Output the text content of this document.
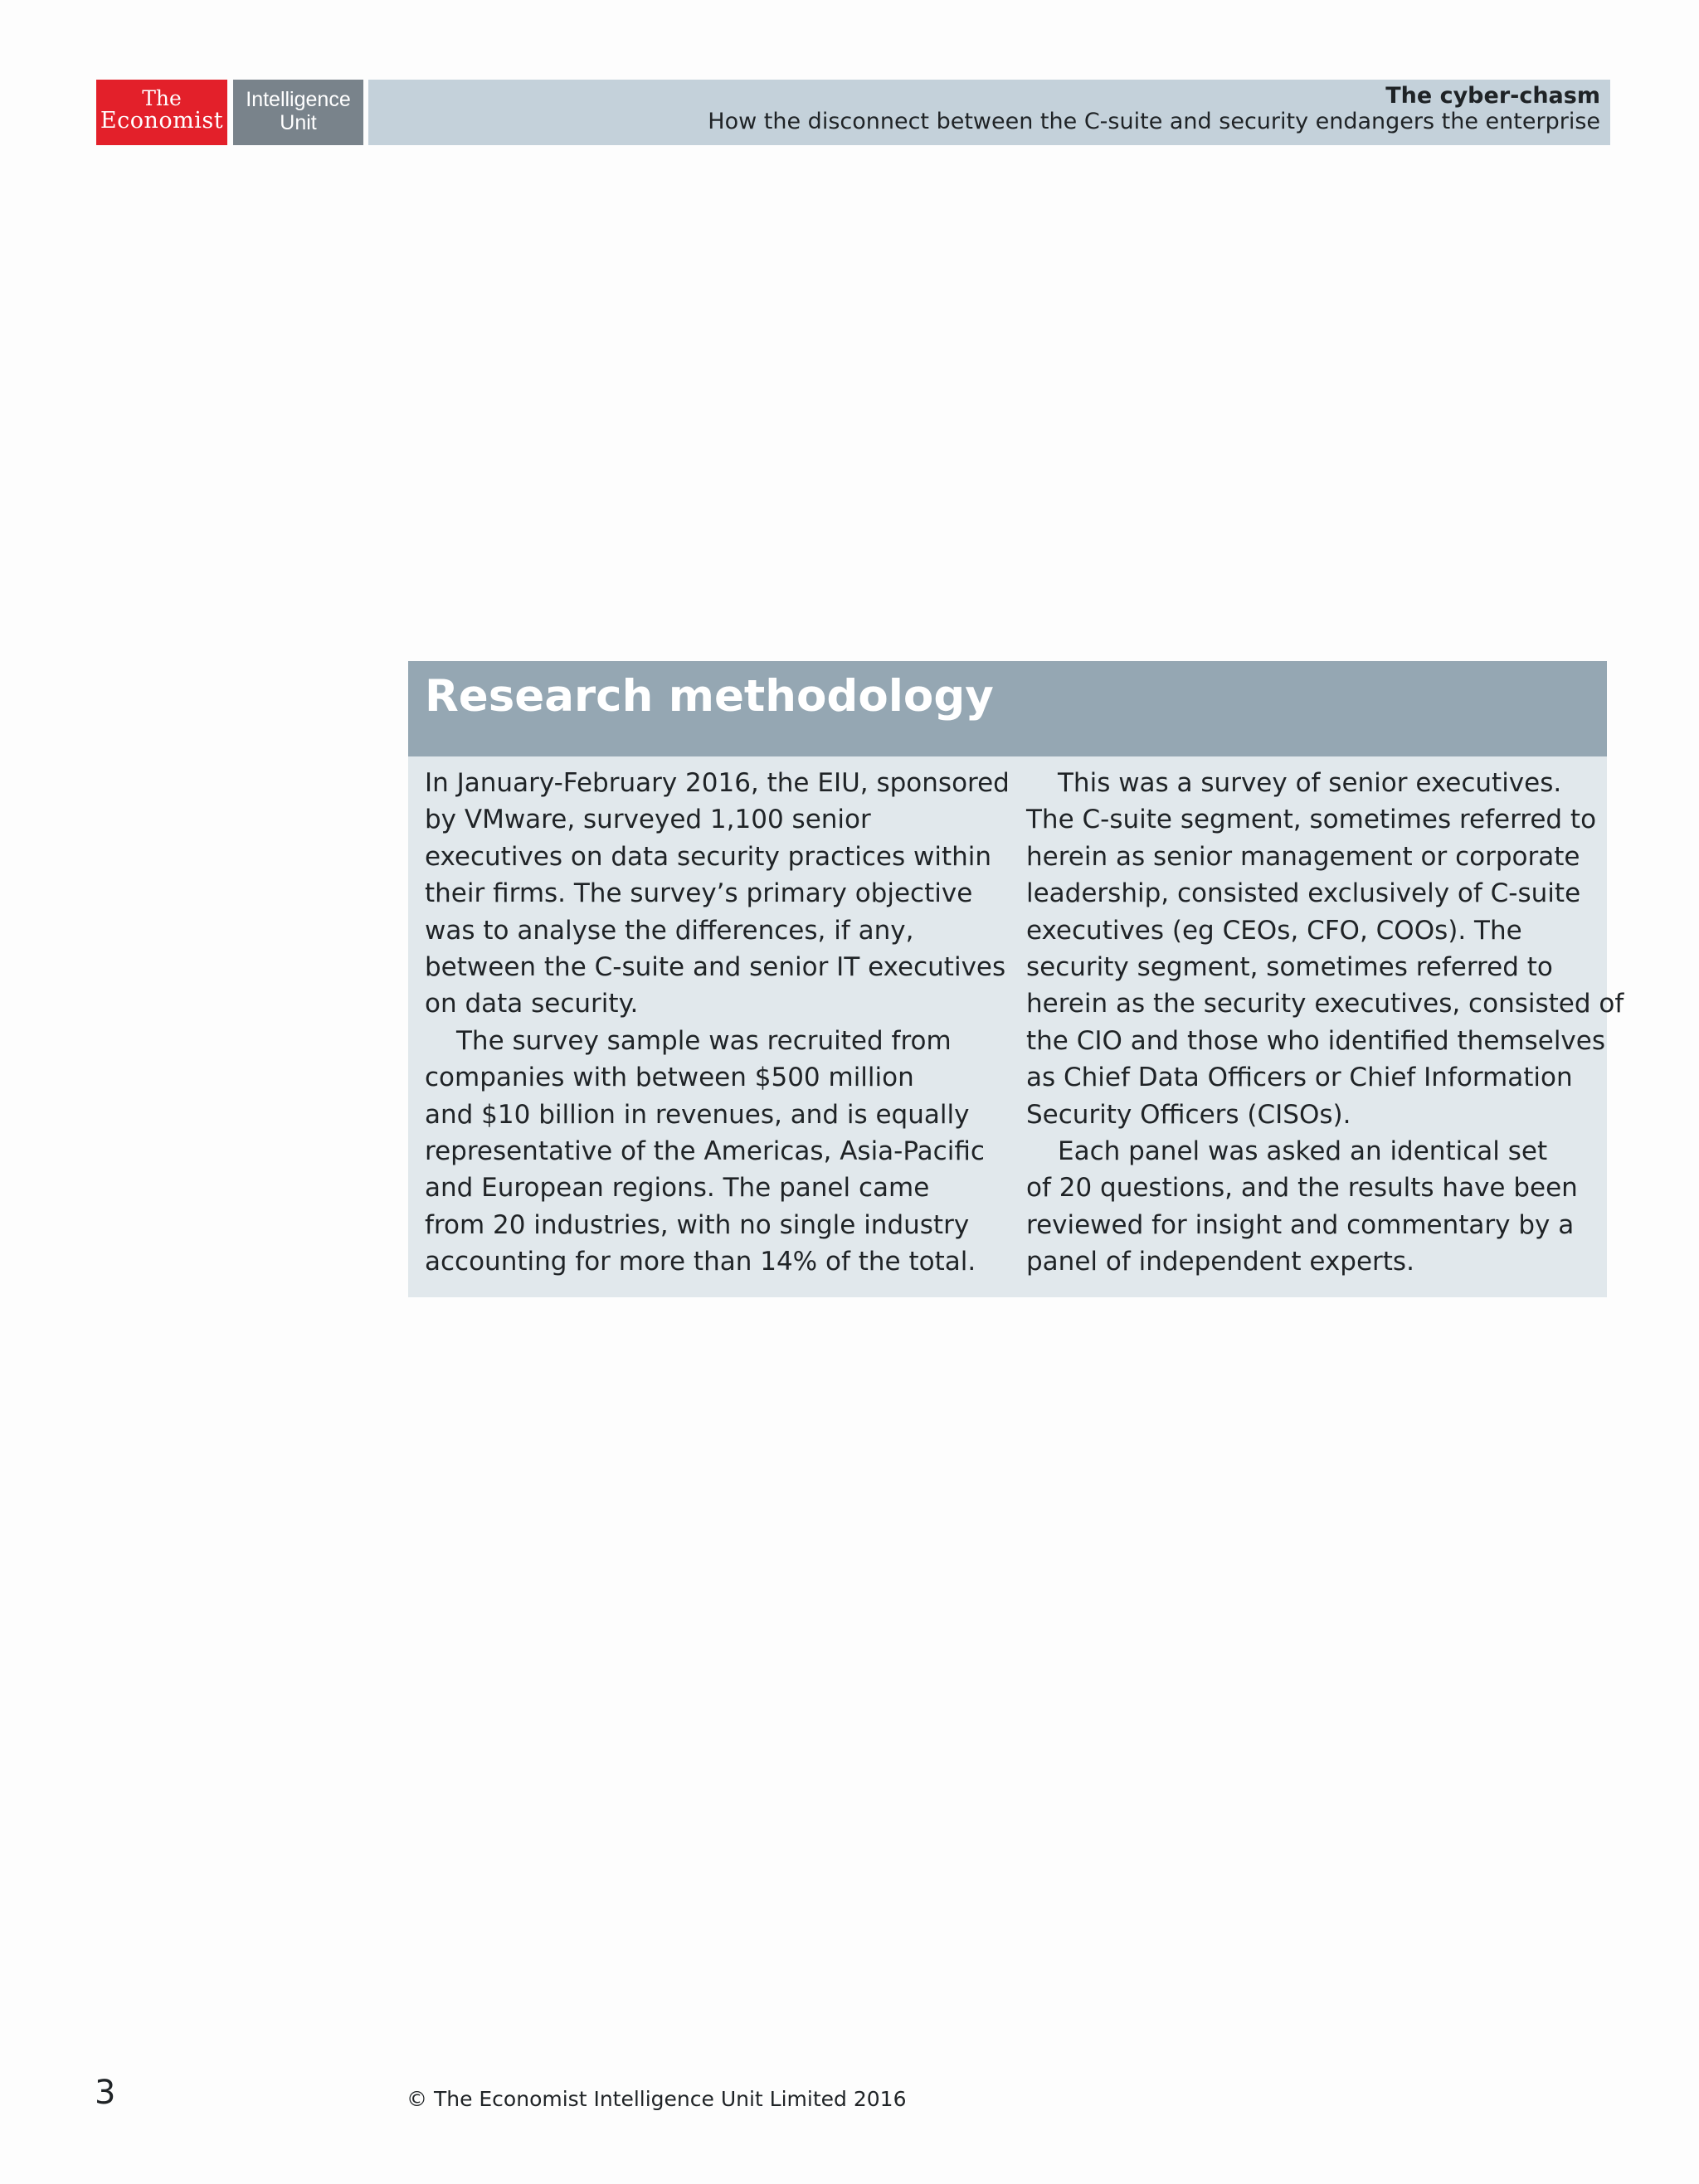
The
Economist
Intelligence
Unit
The cyber-chasm
How the disconnect between the C-suite and security endangers the enterprise
Research methodology
In January-February 2016, the EIU, sponsored
by VMware, surveyed 1,100 senior
executives on data security practices within
their firms. The survey’s primary objective
was to analyse the differences, if any,
between the C-suite and senior IT executives
on data security.
The survey sample was recruited from
companies with between $500 million
and $10 billion in revenues, and is equally
representative of the Americas, Asia-Pacific
and European regions. The panel came
from 20 industries, with no single industry
accounting for more than 14% of the total.
This was a survey of senior executives.
The C-suite segment, sometimes referred to
herein as senior management or corporate
leadership, consisted exclusively of C-suite
executives (eg CEOs, CFO, COOs). The
security segment, sometimes referred to
herein as the security executives, consisted of
the CIO and those who identified themselves
as Chief Data Officers or Chief Information
Security Officers (CISOs).
Each panel was asked an identical set
of 20 questions, and the results have been
reviewed for insight and commentary by a
panel of independent experts.
3	© The Economist Intelligence Unit Limited 2016
